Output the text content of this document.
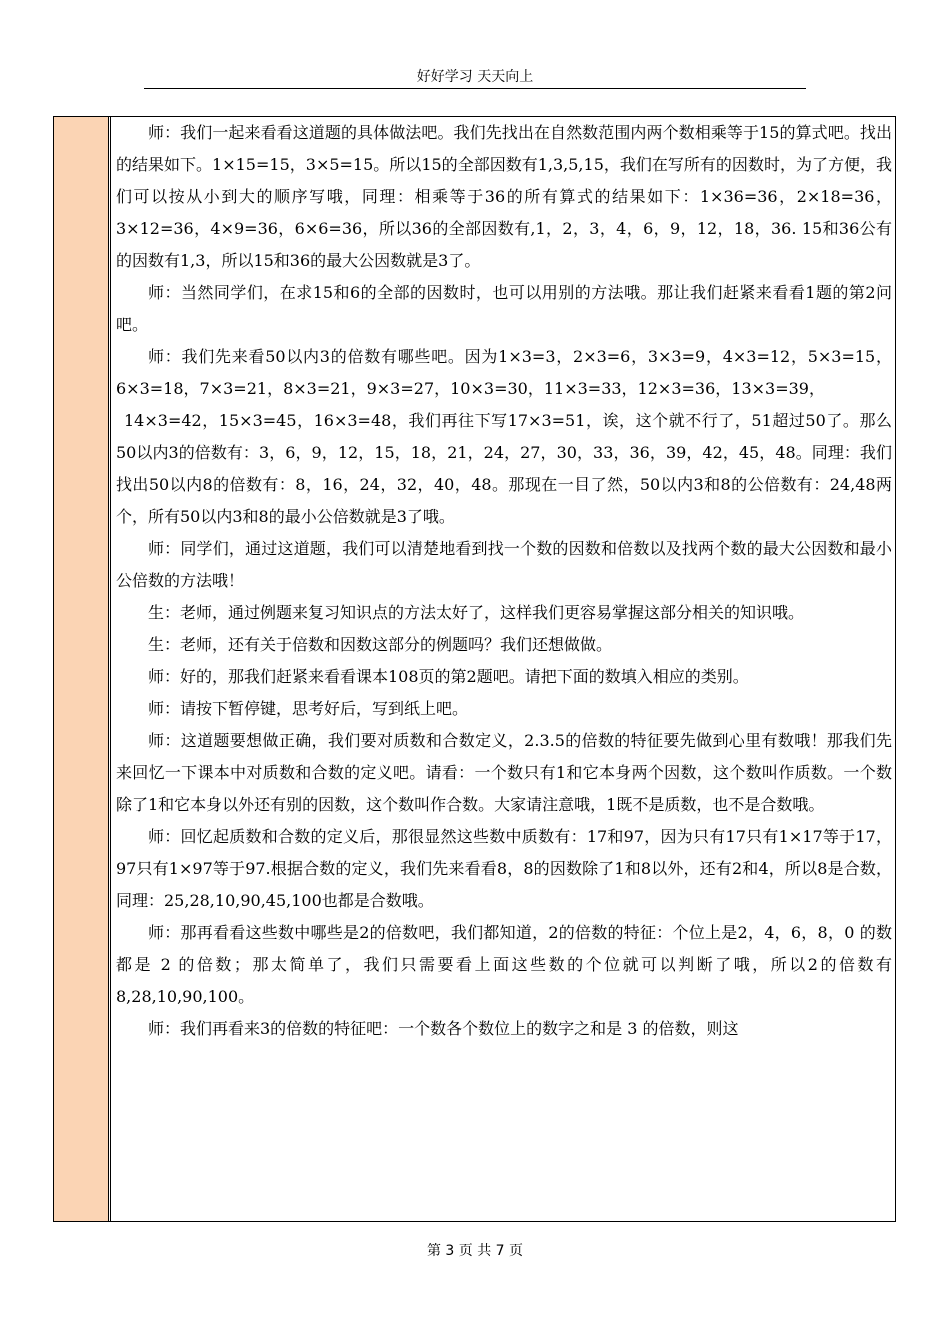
好好学习 天天向上

师：我们一起来看看这道题的具体做法吧。我们先找出在自然数范围内两个数相乘等于15的算式吧。找出的结果如下。1×15=15，3×5=15。所以15的全部因数有1,3,5,15，我们在写所有的因数时，为了方便，我们可以按从小到大的顺序写哦，同理：相乘等于36的所有算式的结果如下：1×36=36，2×18=36，3×12=36，4×9=36，6×6=36，所以36的全部因数有,1，2，3，4，6，9，12，18，36. 15和36公有的因数有1,3，所以15和36的最大公因数就是3了。

师：当然同学们，在求15和6的全部的因数时，也可以用别的方法哦。那让我们赶紧来看看1题的第2问吧。

师：我们先来看50以内3的倍数有哪些吧。因为1×3=3，2×3=6，3×3=9，4×3=12，5×3=15，6×3=18，7×3=21，8×3=21，9×3=27，10×3=30，11×3=33，12×3=36，13×3=39，

14×3=42，15×3=45，16×3=48，我们再往下写17×3=51，诶，这个就不行了，51超过50了。那么50以内3的倍数有：3，6，9，12，15，18，21，24，27，30，33，36，39，42，45，48。同理：我们找出50以内8的倍数有：8，16，24，32，40，48。那现在一目了然，50以内3和8的公倍数有：24,48两个，所有50以内3和8的最小公倍数就是3了哦。

师：同学们，通过这道题，我们可以清楚地看到找一个数的因数和倍数以及找两个数的最大公因数和最小公倍数的方法哦！

生：老师，通过例题来复习知识点的方法太好了，这样我们更容易掌握这部分相关的知识哦。

生：老师，还有关于倍数和因数这部分的例题吗？我们还想做做。

师：好的，那我们赶紧来看看课本108页的第2题吧。请把下面的数填入相应的类别。

师：请按下暂停键，思考好后，写到纸上吧。

师：这道题要想做正确，我们要对质数和合数定义，2.3.5的倍数的特征要先做到心里有数哦！那我们先来回忆一下课本中对质数和合数的定义吧。请看：一个数只有1和它本身两个因数，这个数叫作质数。一个数除了1和它本身以外还有别的因数，这个数叫作合数。大家请注意哦，1既不是质数，也不是合数哦。

师：回忆起质数和合数的定义后，那很显然这些数中质数有：17和97，因为只有17只有1×17等于17，97只有1×97等于97.根据合数的定义，我们先来看看8，8的因数除了1和8以外，还有2和4，所以8是合数，同理：25,28,10,90,45,100也都是合数哦。

师：那再看看这些数中哪些是2的倍数吧，我们都知道，2的倍数的特征：个位上是2，4，6，8，0 的数都是 2 的倍数；那太简单了，我们只需要看上面这些数的个位就可以判断了哦，所以2的倍数有8,28,10,90,100。

师：我们再看来3的倍数的特征吧：一个数各个数位上的数字之和是 3 的倍数，则这

第 3 页 共 7 页
